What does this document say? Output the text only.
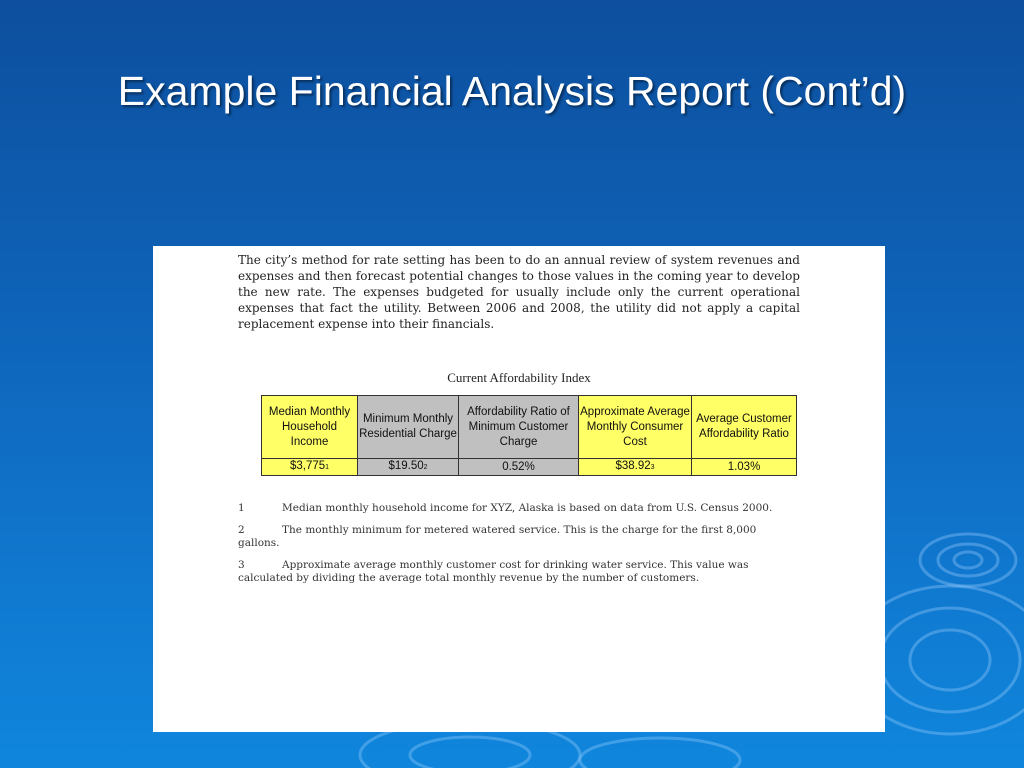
Example Financial Analysis Report (Cont’d)

The city’s method for rate setting has been to do an annual review of system revenues and expenses and then forecast potential changes to those values in the coming year to develop the new rate. The expenses budgeted for usually include only the current operational expenses that fact the utility. Between 2006 and 2008, the utility did not apply a capital replacement expense into their financials.

Current Affordability Index
Median Monthly Household Income	Minimum Monthly Residential Charge	Affordability Ratio of Minimum Customer Charge	Approximate Average Monthly Consumer Cost	Average Customer Affordability Ratio
$3,7751	$19.502	0.52%	$38.923	1.03%

1	Median monthly household income for XYZ, Alaska is based on data from U.S. Census 2000.

2	The monthly minimum for metered watered service. This is the charge for the first 8,000 gallons.

3	Approximate average monthly customer cost for drinking water service. This value was calculated by dividing the average total monthly revenue by the number of customers.
